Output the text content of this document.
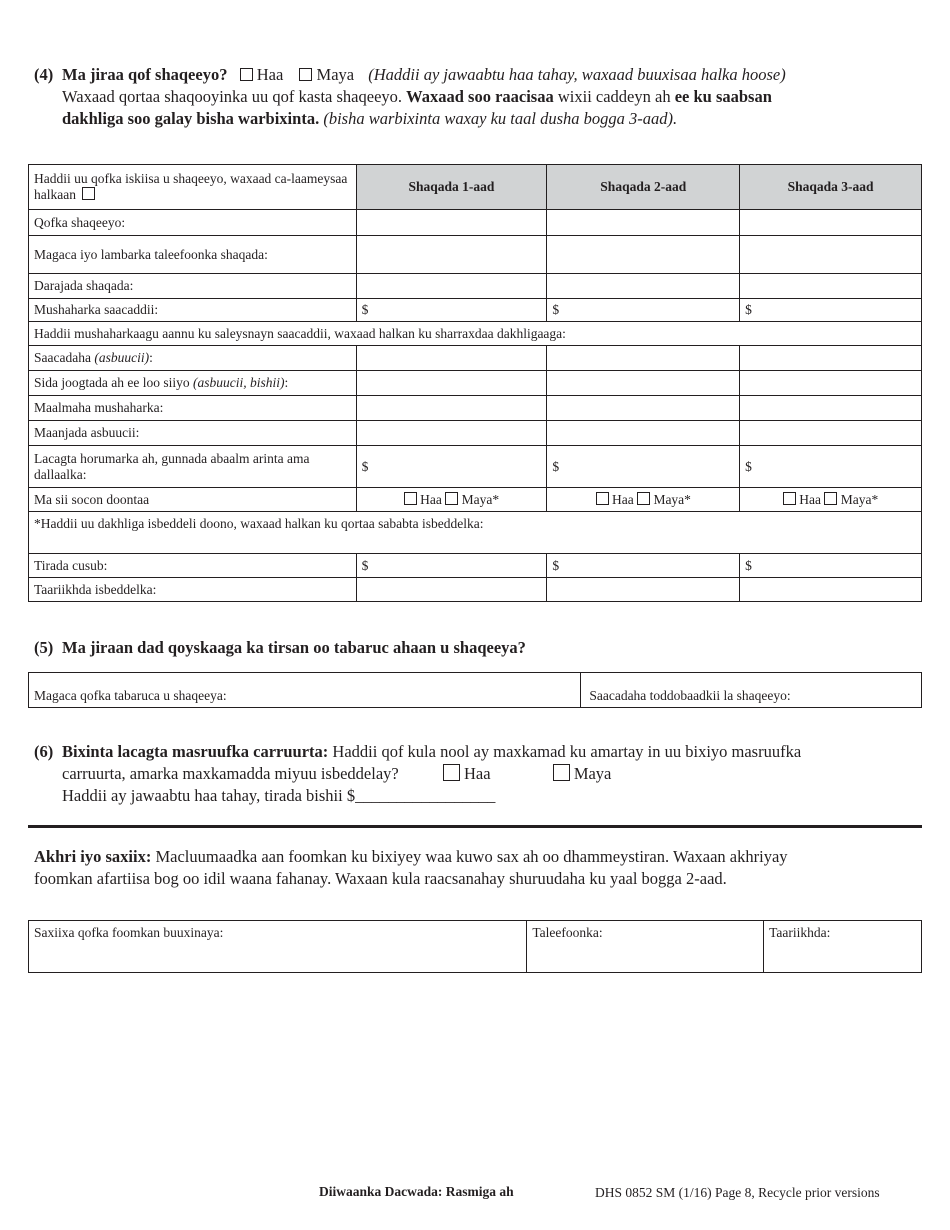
(4) Ma jiraa qof shaqeeyo? Haa Maya (Haddii ay jawaabtu haa tahay, waxaad buuxisaa halka hoose)
Waxaad qortaa shaqooyinka uu qof kasta shaqeeyo. Waxaad soo raacisaa wixii caddeyn ah ee ku saabsan
dakhliga soo galay bisha warbixinta. (bisha warbixinta waxay ku taal dusha bogga 3-aad).
Haddii uu qofka iskiisa u shaqeeyo, waxaad ca-laameysaa halkaan	Shaqada 1-aad	Shaqada 2-aad	Shaqada 3-aad
Qofka shaqeeyo:			
Magaca iyo lambarka taleefoonka shaqada:			
Darajada shaqada:			
Mushaharka saacaddii:	$	$	$
Haddii mushaharkaagu aannu ku saleysnayn saacaddii, waxaad halkan ku sharraxdaa dakhligaaga:			
Saacadaha (asbuucii):			
Sida joogtada ah ee loo siiyo (asbuucii, bishii):			
Maalmaha mushaharka:			
Maanjada asbuucii:			
Lacagta horumarka ah, gunnada abaalm arinta ama dallaalka:	$	$	$
Ma sii socon doontaa	Haa Maya*	Haa Maya*	Haa Maya*
*Haddii uu dakhliga isbeddeli doono, waxaad halkan ku qortaa sababta isbeddelka:			
Tirada cusub:	$	$	$
Taariikhda isbeddelka:			
(5) Ma jiraan dad qoyskaaga ka tirsan oo tabaruc ahaan u shaqeeya?
Magaca qofka tabaruca u shaqeeya:	Saacadaha toddobaadkii la shaqeeyo:
(6) Bixinta lacagta masruufka carruurta: Haddii qof kula nool ay maxkamad ku amartay in uu bixiyo masruufka
carruurta, amarka maxkamadda miyuu isbeddelay?	Haa	Maya
Haddii ay jawaabtu haa tahay, tirada bishii $_________________
Akhri iyo saxiix: Macluumaadka aan foomkan ku bixiyey waa kuwo sax ah oo dhammeystiran. Waxaan akhriyay
foomkan afartiisa bog oo idil waana fahanay. Waxaan kula raacsanahay shuruudaha ku yaal bogga 2-aad.
Saxiixa qofka foomkan buuxinaya:	Taleefoonka:	Taariikhda:
Diiwaanka Dacwada: Rasmiga ah	DHS 0852 SM (1/16) Page 8, Recycle prior versions
